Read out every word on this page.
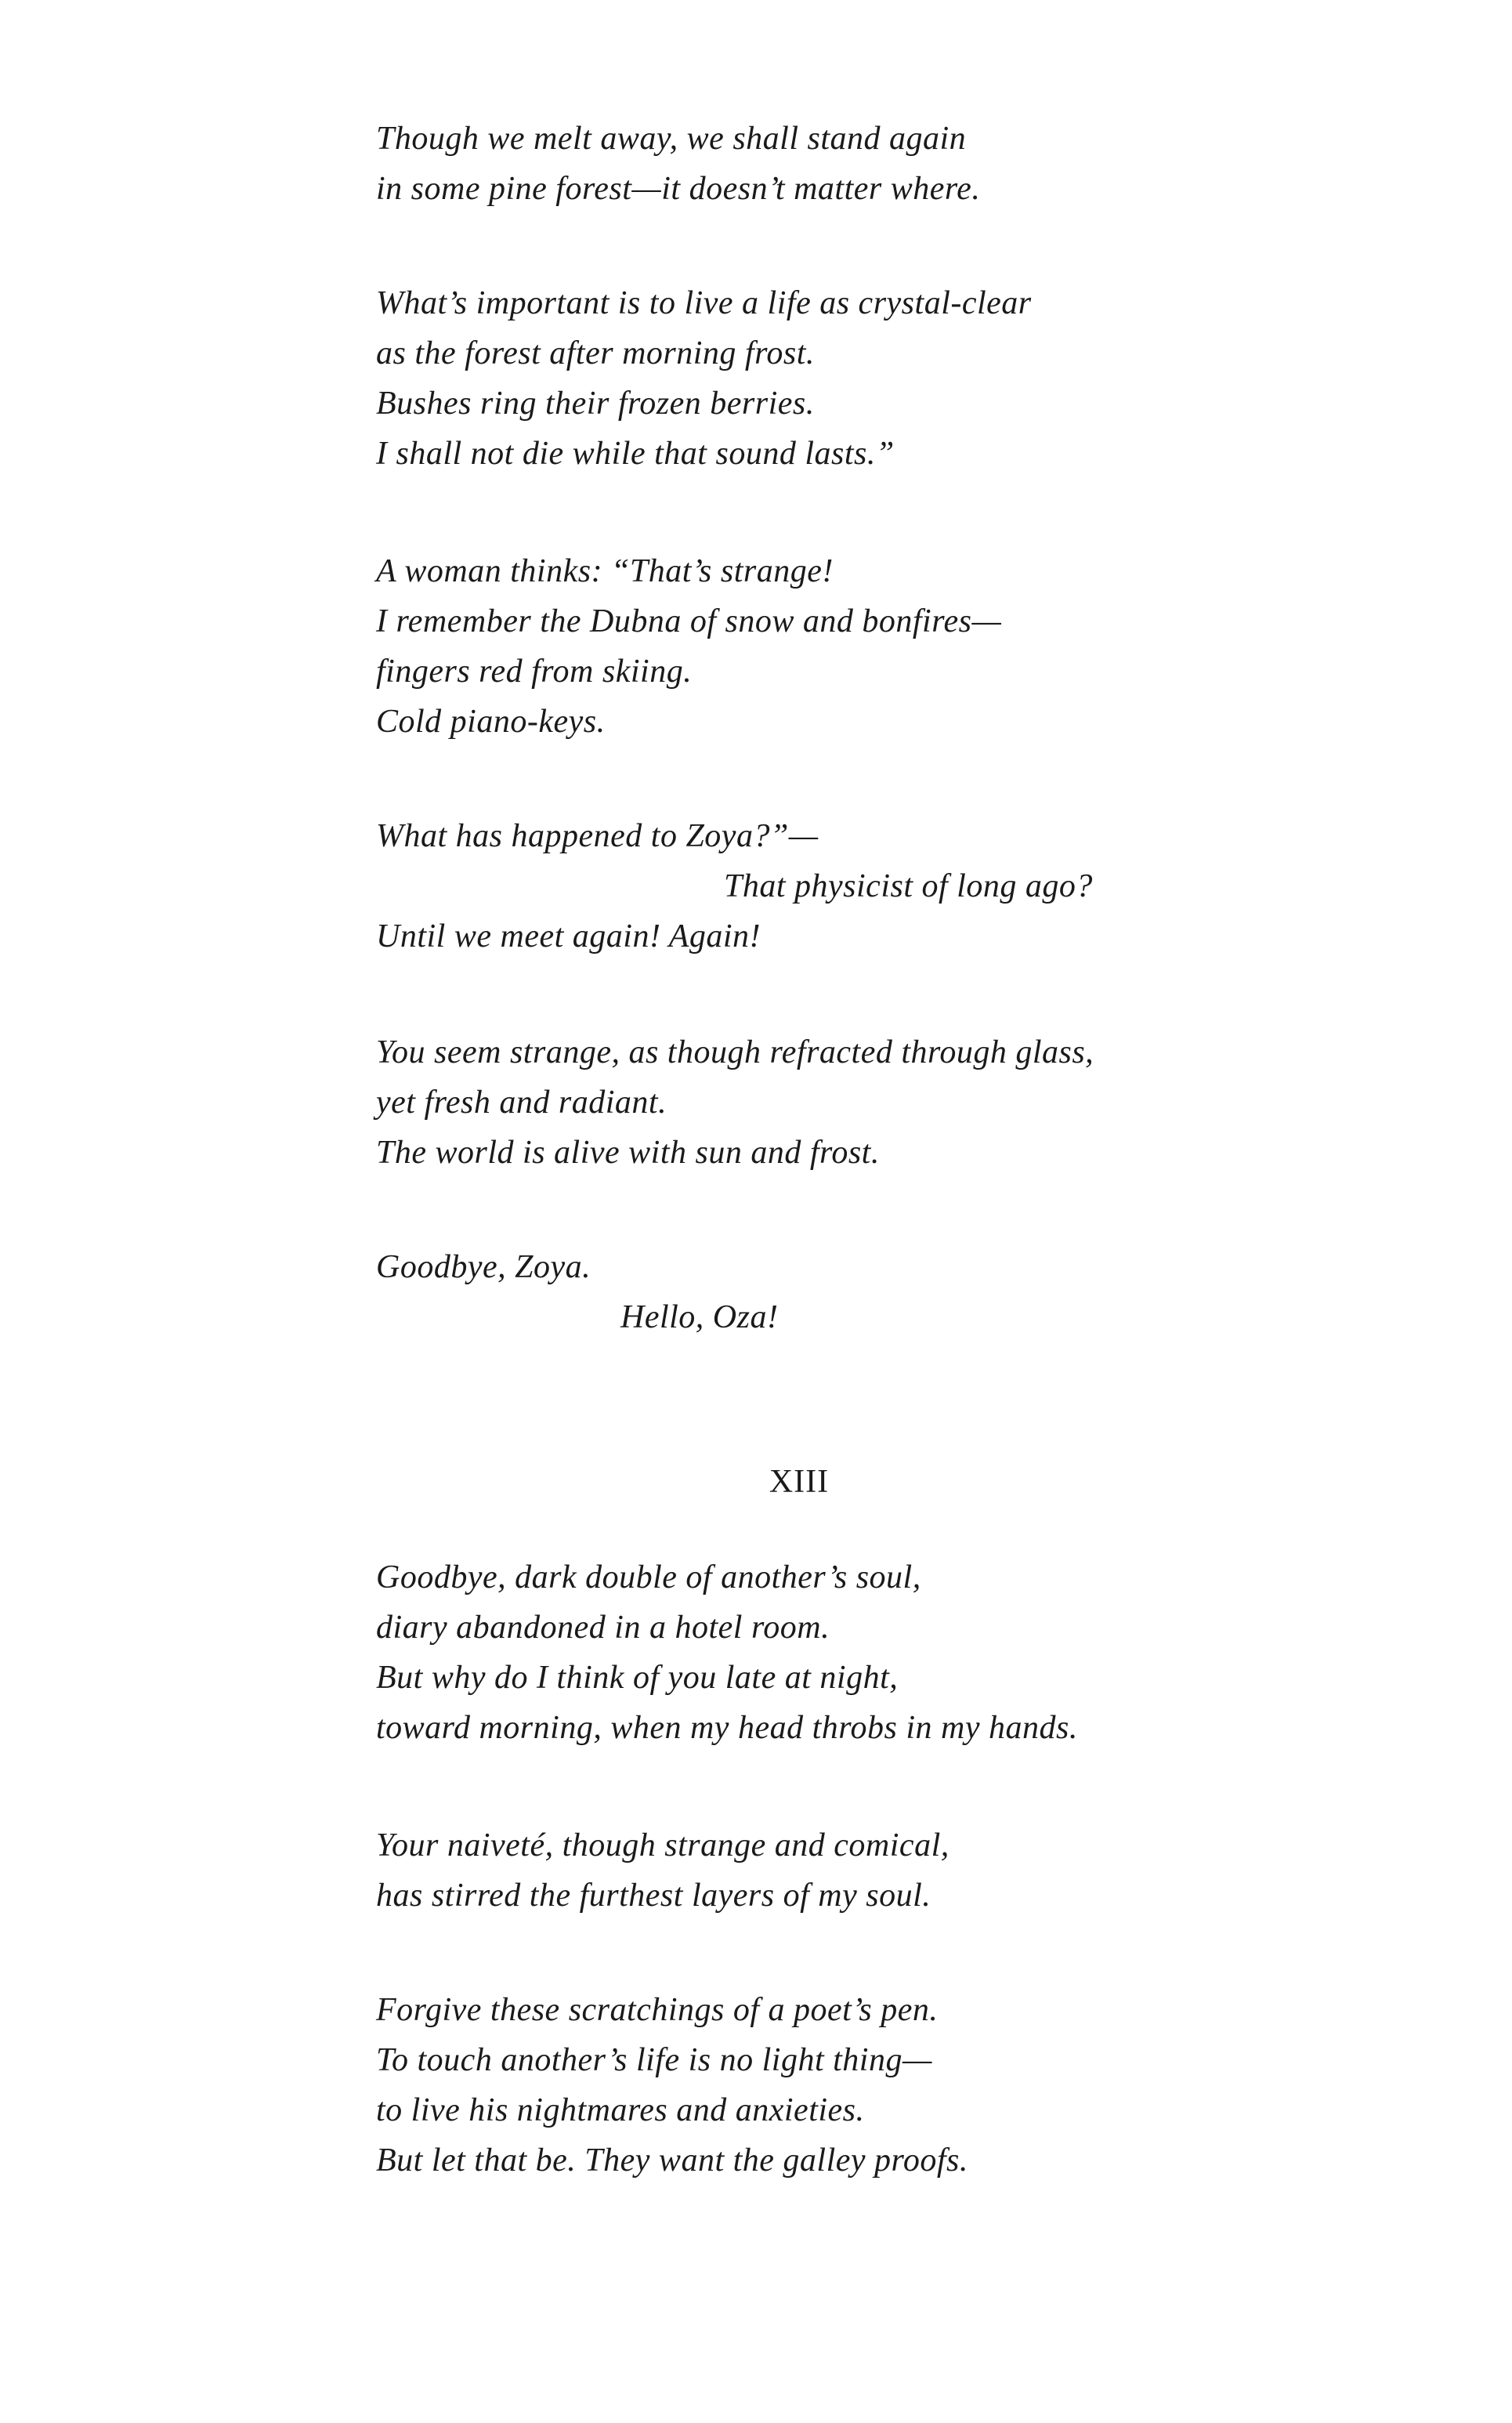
Though we melt away, we shall stand again
in some pine forest—it doesn’t matter where.
What’s important is to live a life as crystal-clear
as the forest after morning frost.
Bushes ring their frozen berries.
I shall not die while that sound lasts.”
A woman thinks: “That’s strange!
I remember the Dubna of snow and bonfires—
fingers red from skiing.
Cold piano-keys.
What has happened to Zoya?”—
That physicist of long ago?
Until we meet again! Again!
You seem strange, as though refracted through glass,
yet fresh and radiant.
The world is alive with sun and frost.
Goodbye, Zoya.
Hello, Oza!
XIII
Goodbye, dark double of another’s soul,
diary abandoned in a hotel room.
But why do I think of you late at night,
toward morning, when my head throbs in my hands.
Your naiveté, though strange and comical,
has stirred the furthest layers of my soul.
Forgive these scratchings of a poet’s pen.
To touch another’s life is no light thing—
to live his nightmares and anxieties.
But let that be. They want the galley proofs.
